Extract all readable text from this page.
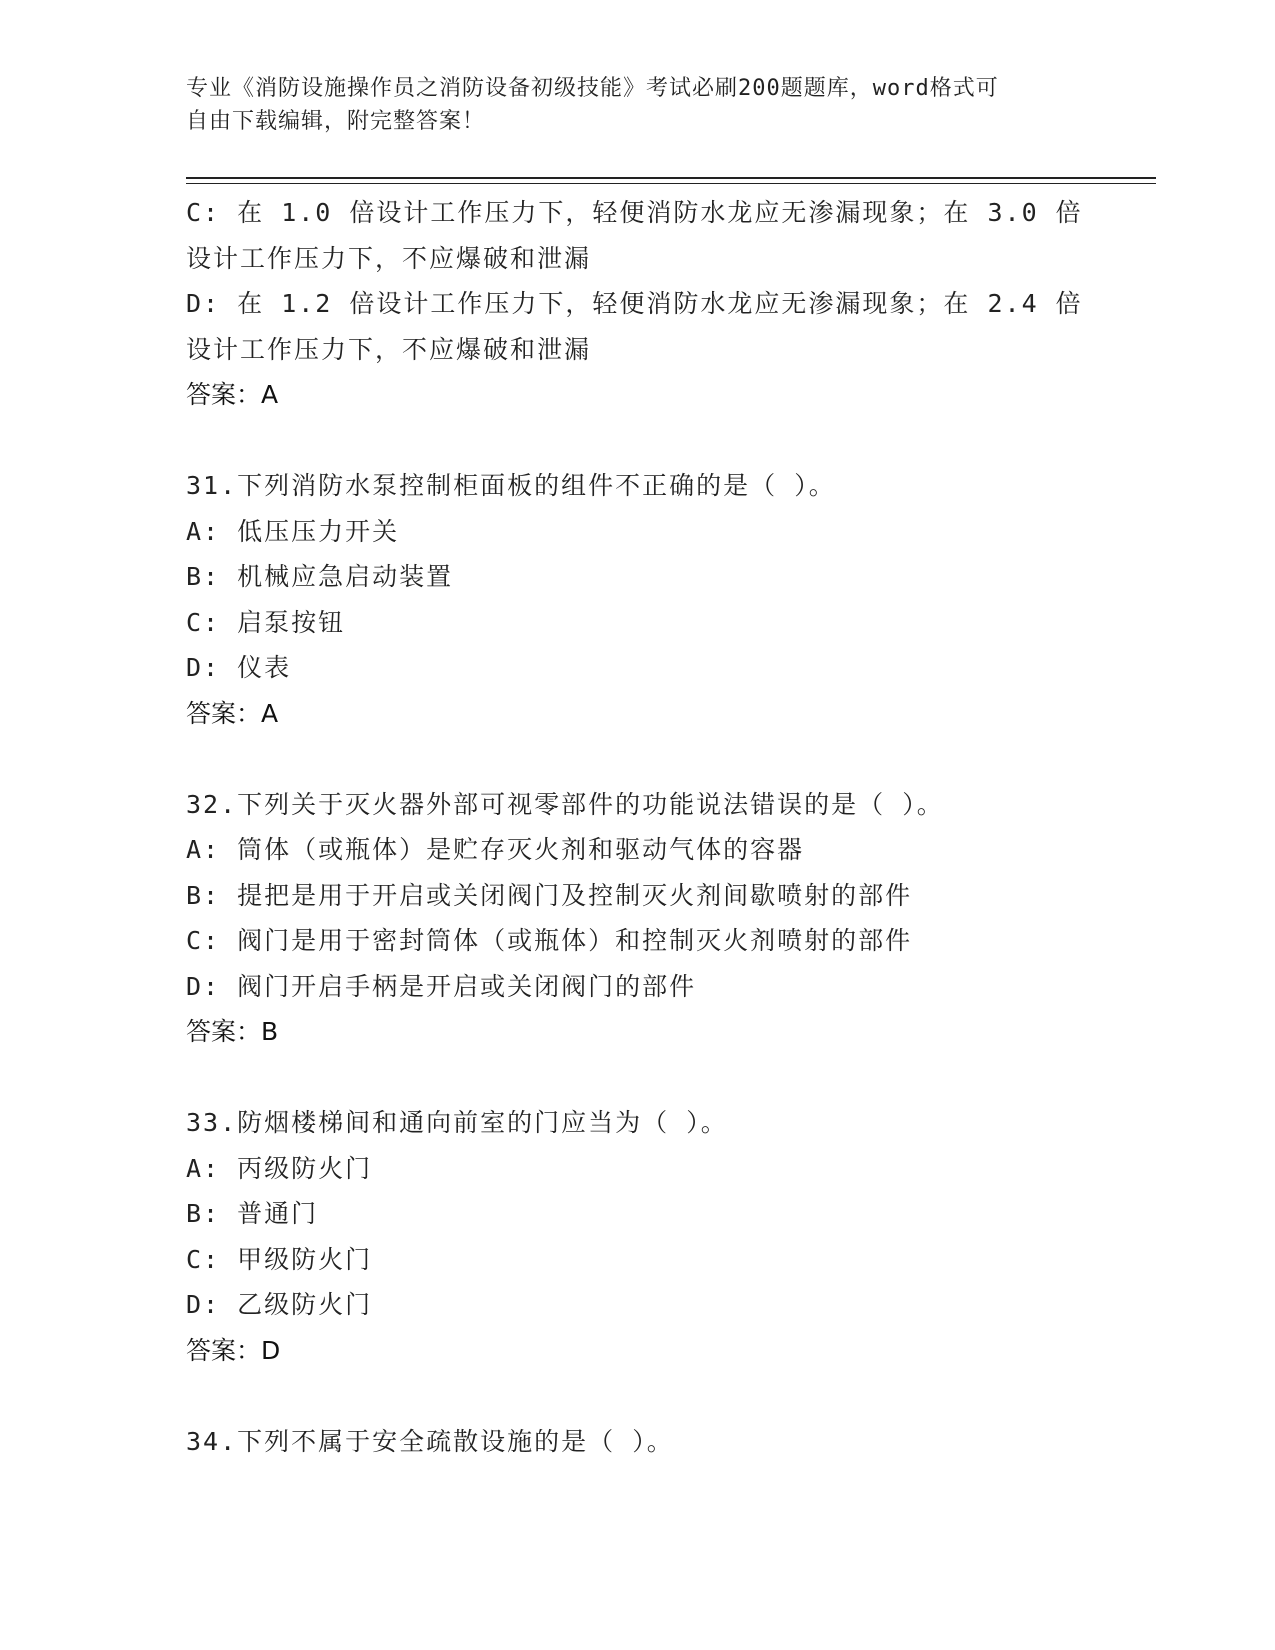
专业《消防设施操作员之消防设备初级技能》考试必刷200题题库，word格式可
自由下载编辑，附完整答案！
C: 在 1.0 倍设计工作压力下，轻便消防水龙应无渗漏现象；在 3.0 倍
设计工作压力下，不应爆破和泄漏
D: 在 1.2 倍设计工作压力下，轻便消防水龙应无渗漏现象；在 2.4 倍
设计工作压力下，不应爆破和泄漏
答案：A
31.下列消防水泵控制柜面板的组件不正确的是（ ）。
A: 低压压力开关
B: 机械应急启动装置
C: 启泵按钮
D: 仪表
答案：A
32.下列关于灭火器外部可视零部件的功能说法错误的是（ ）。
A: 筒体（或瓶体）是贮存灭火剂和驱动气体的容器
B: 提把是用于开启或关闭阀门及控制灭火剂间歇喷射的部件
C: 阀门是用于密封筒体（或瓶体）和控制灭火剂喷射的部件
D: 阀门开启手柄是开启或关闭阀门的部件
答案：B
33.防烟楼梯间和通向前室的门应当为（ ）。
A: 丙级防火门
B: 普通门
C: 甲级防火门
D: 乙级防火门
答案：D
34.下列不属于安全疏散设施的是（ ）。
